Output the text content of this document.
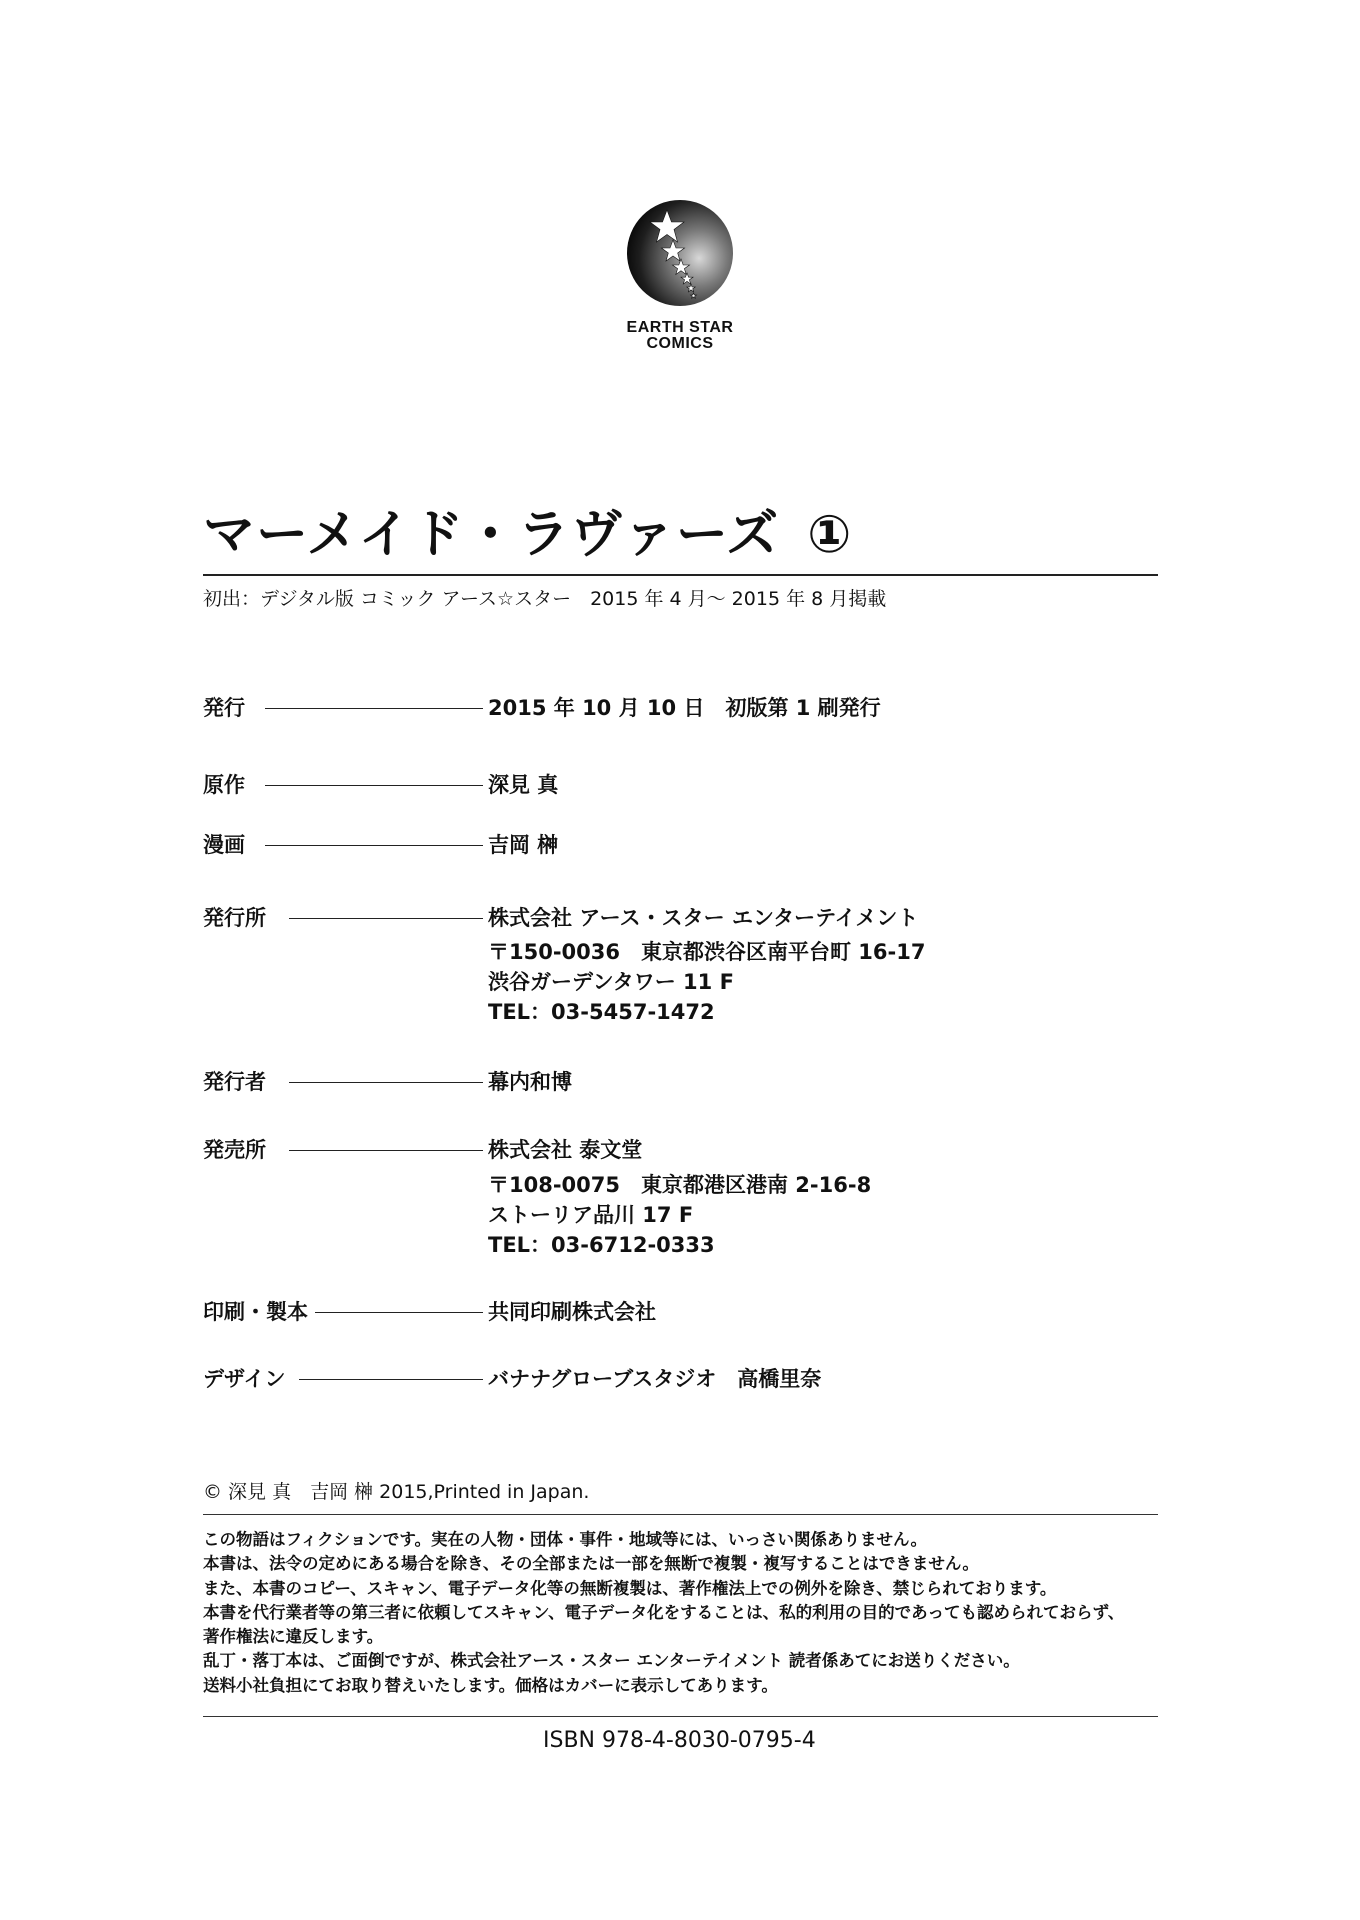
EARTH STAR
COMICS
マーメイド・ラヴァーズ ①
初出：デジタル版 コミック アース☆スター　2015 年 4 月～ 2015 年 8 月掲載
発行	2015 年 10 月 10 日　初版第 1 刷発行
原作	深見 真
漫画	吉岡 榊
発行所	株式会社 アース・スター エンターテイメント
〒150-0036　東京都渋谷区南平台町 16-17
渋谷ガーデンタワー 11 F
TEL：03-5457-1472
発行者	幕内和博
発売所	株式会社 泰文堂
〒108-0075　東京都港区港南 2-16-8
ストーリア品川 17 F
TEL：03-6712-0333
印刷・製本	共同印刷株式会社
デザイン	バナナグローブスタジオ　高橋里奈
© 深見 真　吉岡 榊 2015,Printed in Japan.
この物語はフィクションです。実在の人物・団体・事件・地域等には、いっさい関係ありません。
本書は、法令の定めにある場合を除き、その全部または一部を無断で複製・複写することはできません。
また、本書のコピー、スキャン、電子データ化等の無断複製は、著作権法上での例外を除き、禁じられております。
本書を代行業者等の第三者に依頼してスキャン、電子データ化をすることは、私的利用の目的であっても認められておらず、
著作権法に違反します。
乱丁・落丁本は、ご面倒ですが、株式会社アース・スター エンターテイメント 読者係あてにお送りください。
送料小社負担にてお取り替えいたします。価格はカバーに表示してあります。
ISBN 978-4-8030-0795-4
